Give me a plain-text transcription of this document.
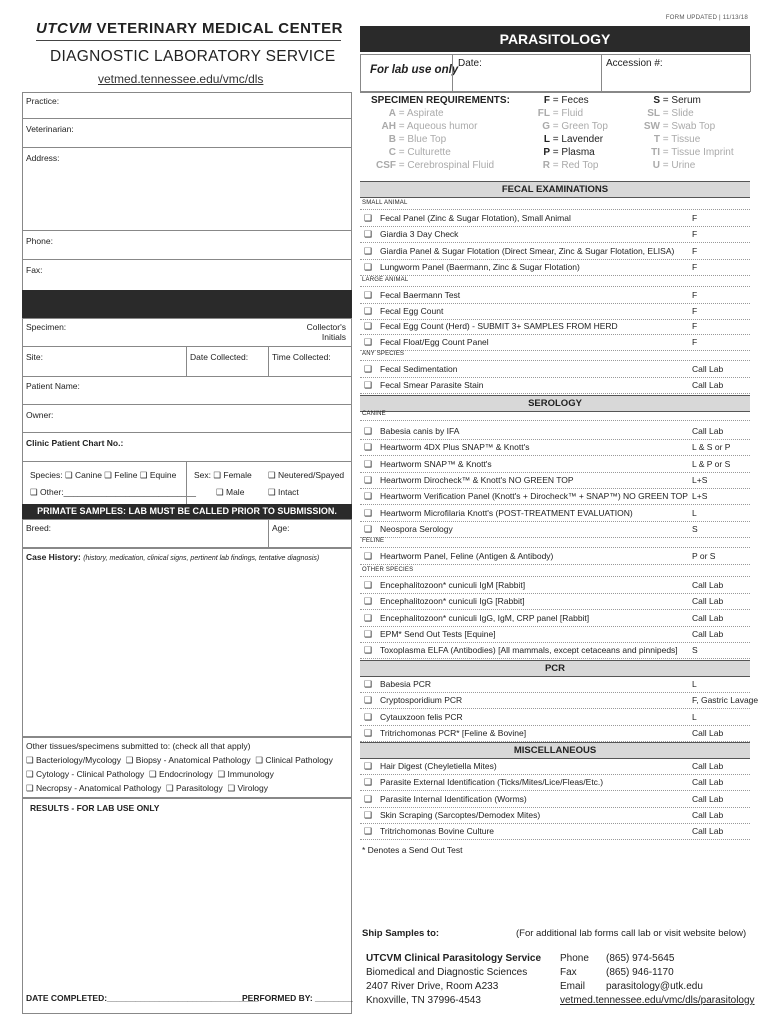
FORM UPDATED | 11/13/18
UTCVM VETERINARY MEDICAL CENTER
DIAGNOSTIC LABORATORY SERVICE
vetmed.tennessee.edu/vmc/dls
PARASITOLOGY
For lab use only
Date:	Accession #:
Practice:
Veterinarian:
Address:
Phone:
Fax:
Specimen:	Collector's
Initials
Site:	Date Collected:	Time Collected:
Patient Name:
Owner:
Clinic Patient Chart No.:
Species: ❑ Canine ❑ Feline ❑ Equine
❑ Other:____________________________
Sex: ❑ Female
❑ Male
❑ Neutered/Spayed
❑ Intact
PRIMATE SAMPLES: LAB MUST BE CALLED PRIOR TO SUBMISSION.
Breed:	Age:
Case History: (history, medication, clinical signs, pertinent lab findings, tentative diagnosis)
Other tissues/specimens submitted to: (check all that apply)
❑ Bacteriology/Mycology ❑ Biopsy - Anatomical Pathology ❑ Clinical Pathology
❑ Cytology - Clinical Pathology ❑ Endocrinology ❑ Immunology
❑ Necropsy - Anatomical Pathology ❑ Parasitology ❑ Virology
RESULTS - FOR LAB USE ONLY
DATE COMPLETED:________________________________
PERFORMED BY: ________
SPECIMEN REQUIREMENTS:
A = Aspirate
AH = Aqueous humor
B = Blue Top
C = Culturette
CSF = Cerebrospinal Fluid
F = Feces
FL = Fluid
G = Green Top
L = Lavender
P = Plasma
R = Red Top
S = Serum
SL = Slide
SW = Swab Top
T = Tissue
TI = Tissue Imprint
U = Urine
FECAL EXAMINATIONS
SMALL ANIMAL
❑ Fecal Panel (Zinc & Sugar Flotation), Small Animal	F
❑ Giardia 3 Day Check	F
❑ Giardia Panel & Sugar Flotation (Direct Smear, Zinc & Sugar Flotation, ELISA) F
❑ Lungworm Panel (Baermann, Zinc & Sugar Flotation)	F
LARGE ANIMAL
❑ Fecal Baermann Test	F
❑ Fecal Egg Count	F
❑ Fecal Egg Count (Herd) - SUBMIT 3+ SAMPLES FROM HERD	F
❑ Fecal Float/Egg Count Panel	F
ANY SPECIES
❑ Fecal Sedimentation	Call Lab
❑ Fecal Smear Parasite Stain	Call Lab
SEROLOGY
CANINE
❑ Babesia canis by IFA	Call Lab
❑ Heartworm 4DX Plus SNAP™ & Knott's	L & S or P
❑ Heartworm SNAP™ & Knott's	L & P or S
❑ Heartworm Dirocheck™ & Knott's NO GREEN TOP	L+S
❑ Heartworm Verification Panel (Knott's + Dirocheck™ + SNAP™) NO GREEN TOP L+S
❑ Heartworm Microfilaria Knott's (POST-TREATMENT EVALUATION)	L
❑ Neospora Serology	S
FELINE
❑ Heartworm Panel, Feline (Antigen & Antibody)	P or S
OTHER SPECIES
❑ Encephalitozoon* cuniculi IgM [Rabbit]	Call Lab
❑ Encephalitozoon* cuniculi IgG [Rabbit]	Call Lab
❑ Encephalitozoon* cuniculi IgG, IgM, CRP panel [Rabbit]	Call Lab
❑ EPM* Send Out Tests [Equine]	Call Lab
❑ Toxoplasma ELFA (Antibodies) [All mammals, except cetaceans and pinnipeds] S
PCR
❑ Babesia PCR	L
❑ Cryptosporidium PCR	F, Gastric Lavage
❑ Cytauxzoon felis PCR	L
❑ Tritrichomonas PCR* [Feline & Bovine]	Call Lab
MISCELLANEOUS
❑ Hair Digest (Cheyletiella Mites)	Call Lab
❑ Parasite External Identification (Ticks/Mites/Lice/Fleas/Etc.)	Call Lab
❑ Parasite Internal Identification (Worms)	Call Lab
❑ Skin Scraping (Sarcoptes/Demodex Mites)	Call Lab
❑ Tritrichomonas Bovine Culture	Call Lab
* Denotes a Send Out Test
Ship Samples to:	(For additional lab forms call lab or visit website below)
UTCVM Clinical Parasitology Service
Biomedical and Diagnostic Sciences
2407 River Drive, Room A233
Knoxville, TN 37996-4543
Phone (865) 974-5645
Fax	(865) 946-1170
Email parasitology@utk.edu
vetmed.tennessee.edu/vmc/dls/parasitology
